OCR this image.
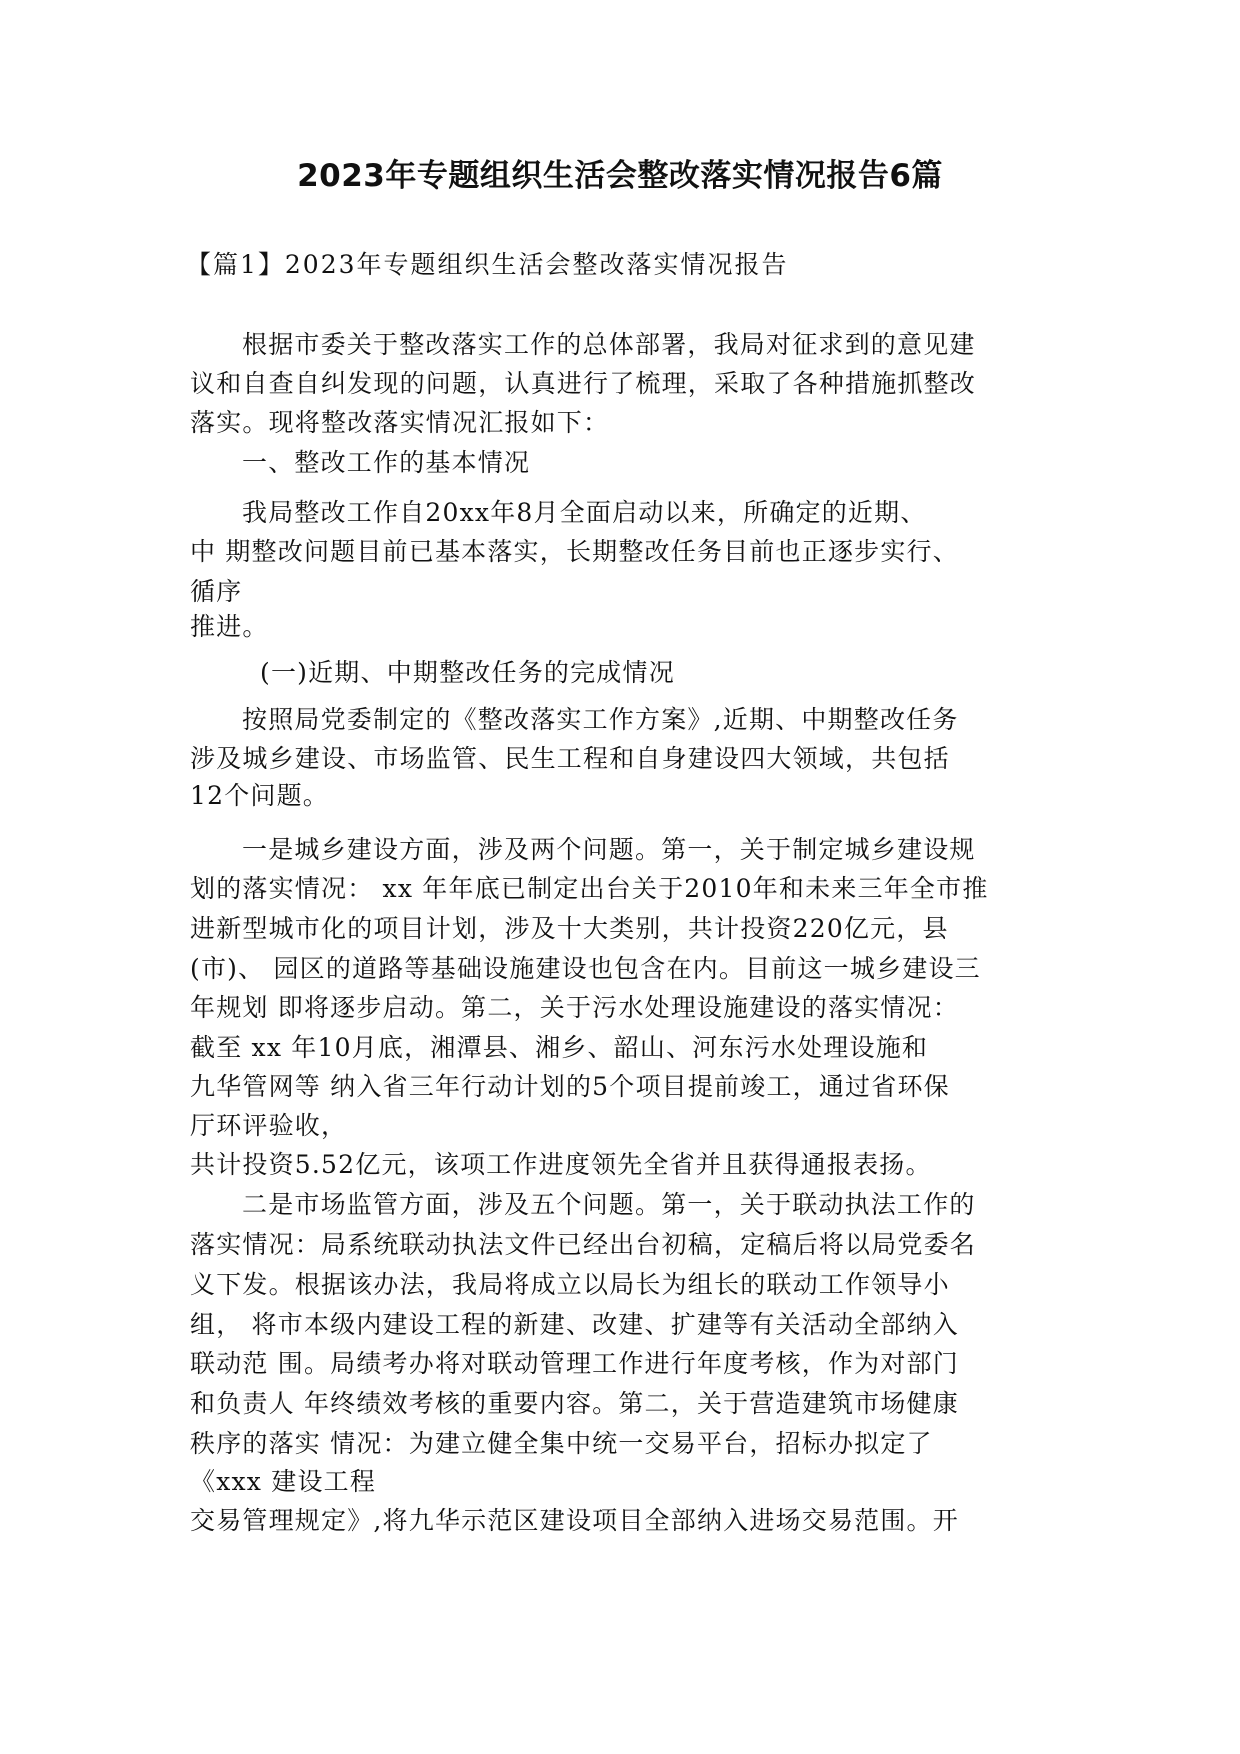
2023年专题组织生活会整改落实情况报告6篇
【篇1】2023年专题组织生活会整改落实情况报告
根据市委关于整改落实工作的总体部署，我局对征求到的意见建
议和自查自纠发现的问题，认真进行了梳理，采取了各种措施抓整改
落实。现将整改落实情况汇报如下：
一、整改工作的基本情况
我局整改工作自20xx年8月全面启动以来，所确定的近期、
中 期整改问题目前已基本落实，长期整改任务目前也正逐步实行、
循序
推进。
(一)近期、中期整改任务的完成情况
按照局党委制定的《整改落实工作方案》,近期、中期整改任务
涉及城乡建设、市场监管、民生工程和自身建设四大领域，共包括
12个问题。
一是城乡建设方面，涉及两个问题。第一，关于制定城乡建设规
划的落实情况： xx 年年底已制定出台关于2010年和未来三年全市推
进新型城市化的项目计划，涉及十大类别，共计投资220亿元，县
(市)、 园区的道路等基础设施建设也包含在内。目前这一城乡建设三
年规划 即将逐步启动。第二，关于污水处理设施建设的落实情况：
截至 xx 年10月底，湘潭县、湘乡、韶山、河东污水处理设施和
九华管网等 纳入省三年行动计划的5个项目提前竣工，通过省环保
厅环评验收，
共计投资5.52亿元，该项工作进度领先全省并且获得通报表扬。
二是市场监管方面，涉及五个问题。第一，关于联动执法工作的
落实情况：局系统联动执法文件已经出台初稿，定稿后将以局党委名
义下发。根据该办法，我局将成立以局长为组长的联动工作领导小
组， 将市本级内建设工程的新建、改建、扩建等有关活动全部纳入
联动范 围。局绩考办将对联动管理工作进行年度考核，作为对部门
和负责人 年终绩效考核的重要内容。第二，关于营造建筑市场健康
秩序的落实 情况：为建立健全集中统一交易平台，招标办拟定了
《xxx 建设工程
交易管理规定》,将九华示范区建设项目全部纳入进场交易范围。开
